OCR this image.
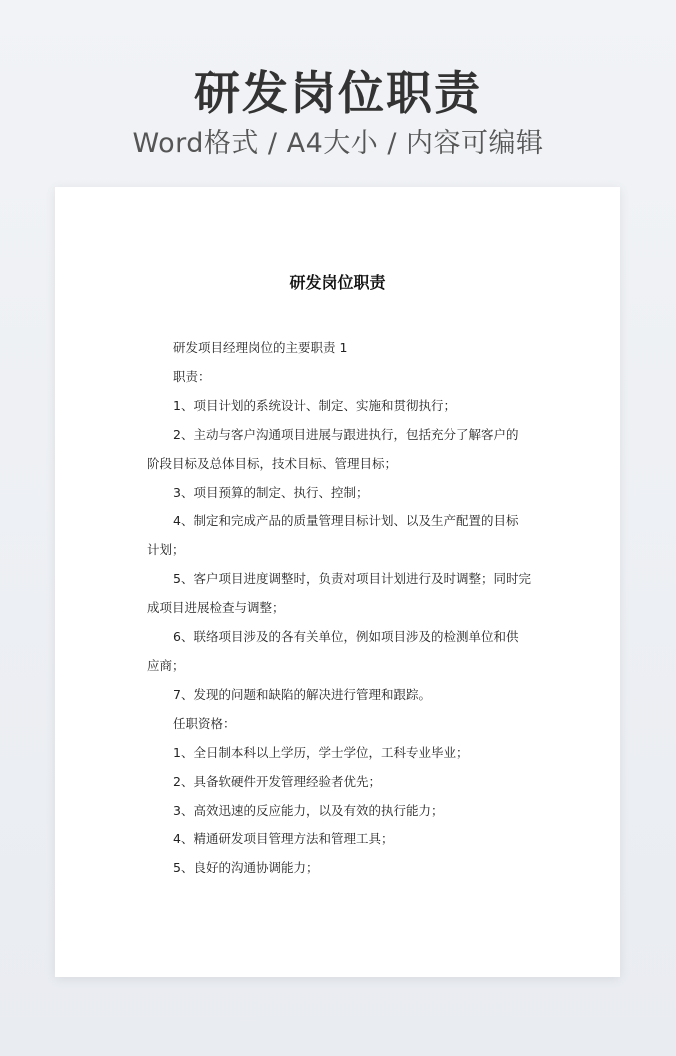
研发岗位职责
Word格式 / A4大小 / 内容可编辑
研发岗位职责

研发项目经理岗位的主要职责 1

职责：

1、项目计划的系统设计、制定、实施和贯彻执行；

2、主动与客户沟通项目进展与跟进执行，包括充分了解客户的

阶段目标及总体目标，技术目标、管理目标；

3、项目预算的制定、执行、控制；

4、制定和完成产品的质量管理目标计划、以及生产配置的目标

计划；

5、客户项目进度调整时，负责对项目计划进行及时调整；同时完

成项目进展检查与调整；

6、联络项目涉及的各有关单位，例如项目涉及的检测单位和供

应商；

7、发现的问题和缺陷的解决进行管理和跟踪。

任职资格：

1、全日制本科以上学历，学士学位，工科专业毕业；

2、具备软硬件开发管理经验者优先；

3、高效迅速的反应能力，以及有效的执行能力；

4、精通研发项目管理方法和管理工具；

5、良好的沟通协调能力；
